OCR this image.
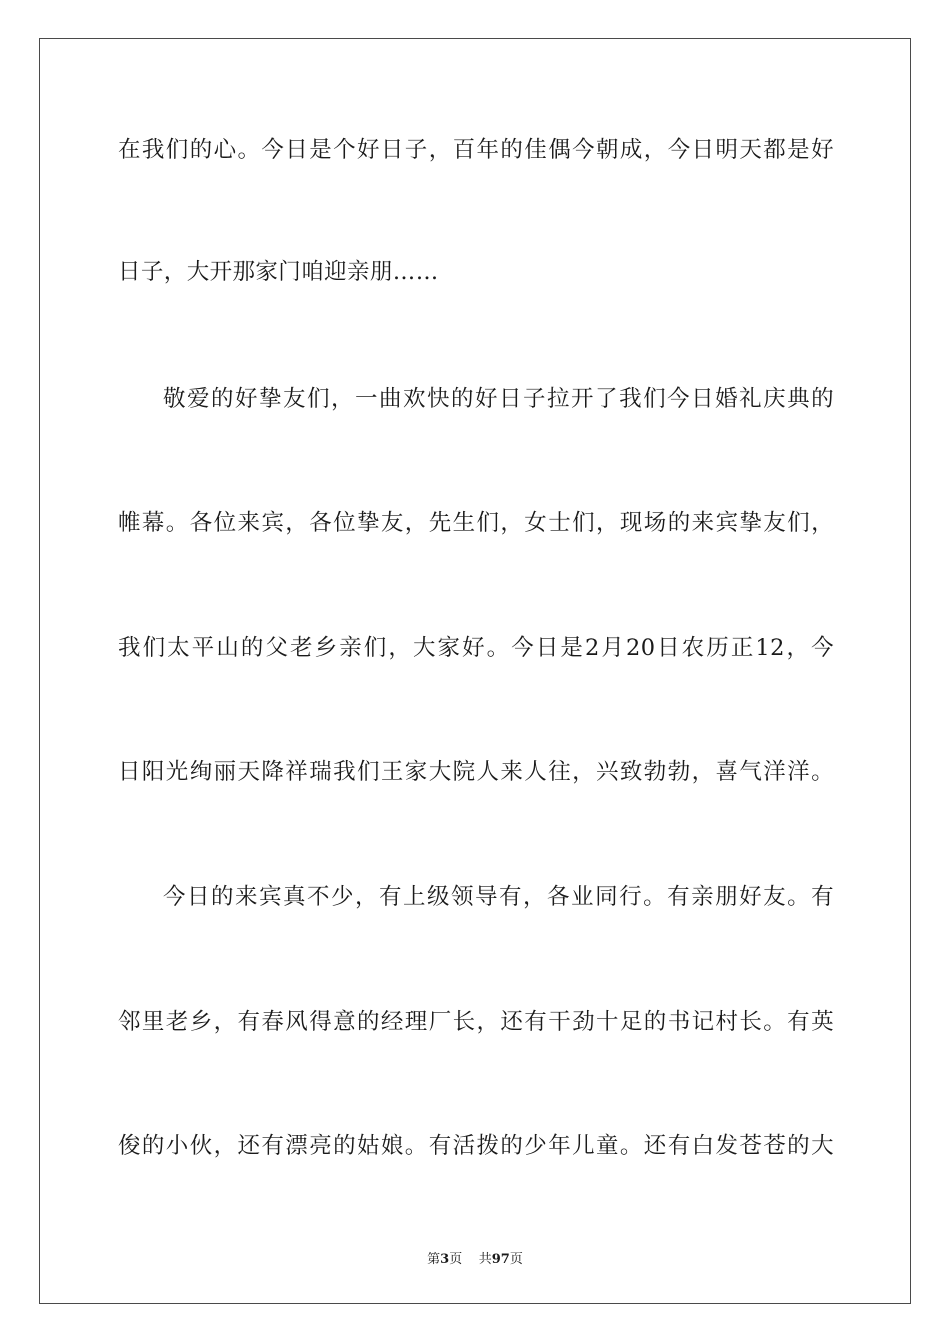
在我们的心。今日是个好日子，百年的佳偶今朝成，今日明天都是好
日子，大开那家门咱迎亲朋……
敬爱的好挚友们，一曲欢快的好日子拉开了我们今日婚礼庆典的
帷幕。各位来宾，各位挚友，先生们，女士们，现场的来宾挚友们，
我们太平山的父老乡亲们，大家好。今日是2月20日农历正12，今
日阳光绚丽天降祥瑞我们王家大院人来人往，兴致勃勃，喜气洋洋。
今日的来宾真不少，有上级领导有，各业同行。有亲朋好友。有
邻里老乡，有春风得意的经理厂长，还有干劲十足的书记村长。有英
俊的小伙，还有漂亮的姑娘。有活拨的少年儿童。还有白发苍苍的大
第3页 共97页
